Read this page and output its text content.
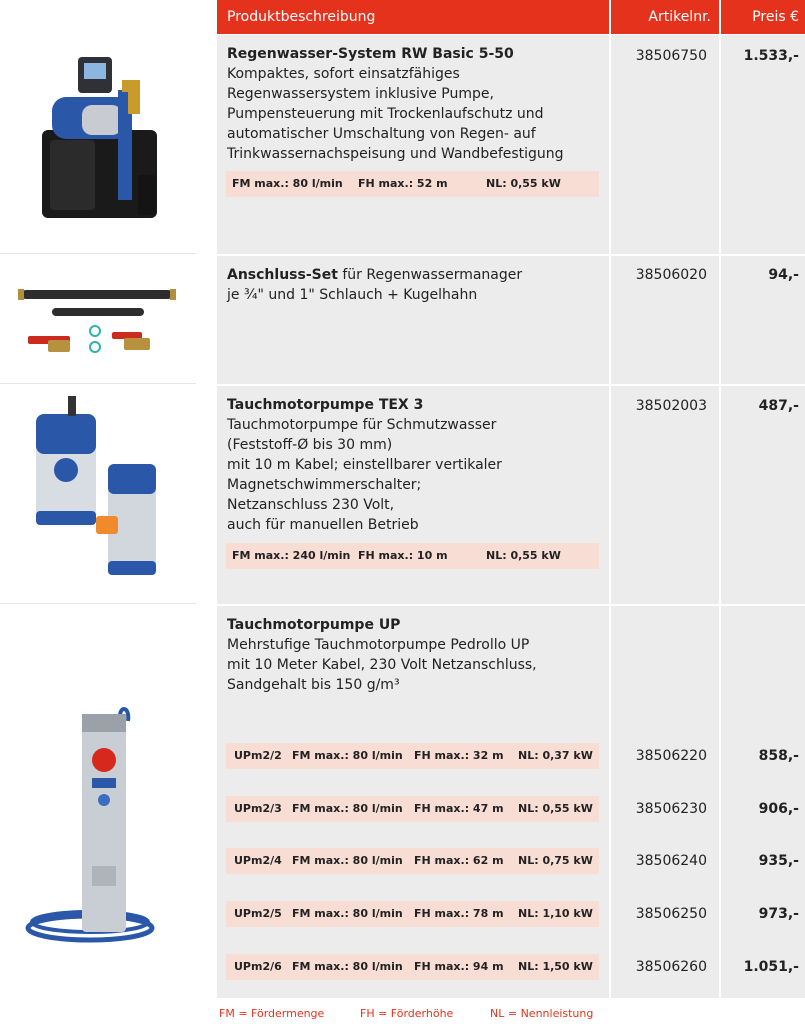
Produktbeschreibung	Artikelnr.	Preis €
Regenwasser-System RW Basic 5-50
Kompaktes, sofort einsatzfähiges
Regenwassersystem inklusive Pumpe,
Pumpensteuerung mit Trockenlaufschutz und
automatischer Umschaltung von Regen- auf
Trinkwassernachspeisung und Wandbefestigung
FM max.: 80 l/min FH max.: 52 m	NL: 0,55 kW
38506750	1.533,-
Anschluss-Set für Regenwassermanager
je ¾" und 1" Schlauch + Kugelhahn
38506020	94,-
Tauchmotorpumpe TEX 3
Tauchmotorpumpe für Schmutzwasser
(Feststoff-Ø bis 30 mm)
mit 10 m Kabel; einstellbarer vertikaler
Magnetschwimmerschalter;
Netzanschluss 230 Volt,
auch für manuellen Betrieb
FM max.: 240 l/min FH max.: 10 m	NL: 0,55 kW
38502003	487,-
Tauchmotorpumpe UP
Mehrstufige Tauchmotorpumpe Pedrollo UP
mit 10 Meter Kabel, 230 Volt Netzanschluss,
Sandgehalt bis 150 g/m³
UPm2/2 FM max.: 80 l/min FH max.: 32 m NL: 0,37 kW	38506220	858,-
UPm2/3 FM max.: 80 l/min FH max.: 47 m NL: 0,55 kW	38506230	906,-
UPm2/4 FM max.: 80 l/min FH max.: 62 m NL: 0,75 kW	38506240	935,-
UPm2/5 FM max.: 80 l/min FH max.: 78 m NL: 1,10 kW	38506250	973,-
UPm2/6 FM max.: 80 l/min FH max.: 94 m NL: 1,50 kW	38506260	1.051,-
FM = Fördermenge	FH = Förderhöhe	NL = Nennleistung
